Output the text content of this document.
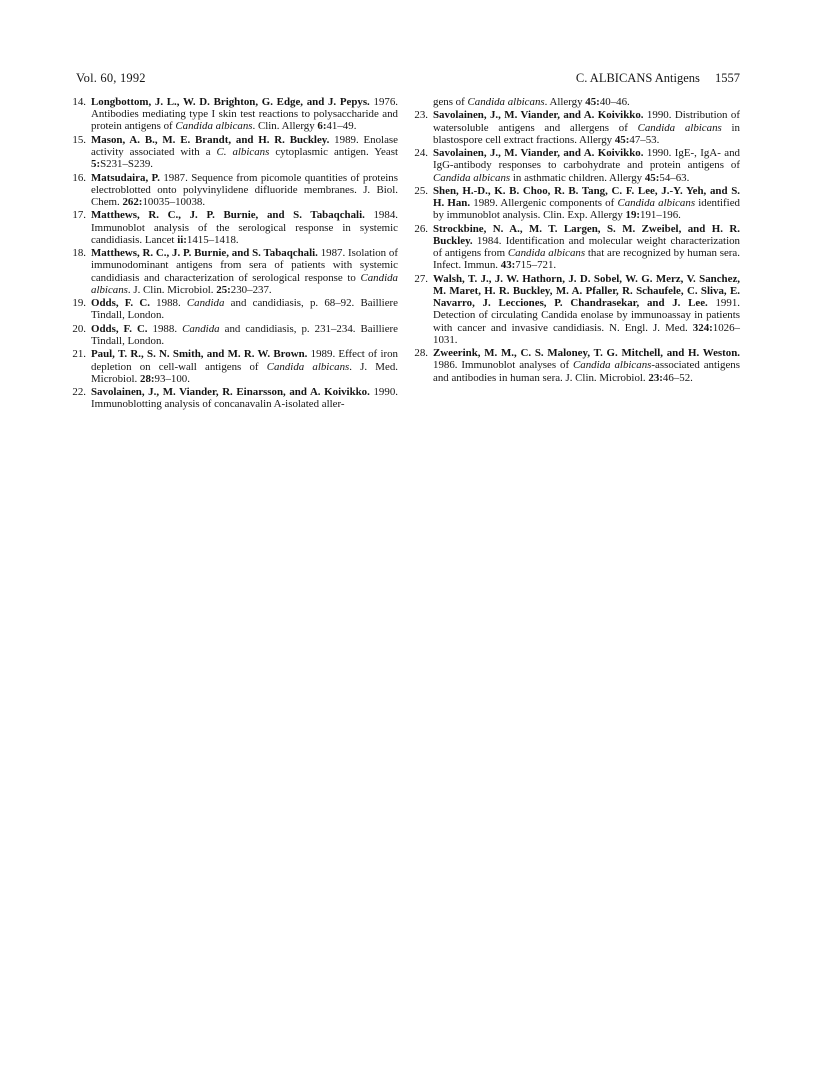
Vol. 60, 1992	C. ALBICANS Antigens 1557
14. Longbottom, J. L., W. D. Brighton, G. Edge, and J. Pepys. 1976. Antibodies mediating type I skin test reactions to polysaccharide and protein antigens of Candida albicans. Clin. Allergy 6:41–49.
15. Mason, A. B., M. E. Brandt, and H. R. Buckley. 1989. Enolase activity associated with a C. albicans cytoplasmic antigen. Yeast 5:S231–S239.
16. Matsudaira, P. 1987. Sequence from picomole quantities of proteins electroblotted onto polyvinylidene difluoride membranes. J. Biol. Chem. 262:10035–10038.
17. Matthews, R. C., J. P. Burnie, and S. Tabaqchali. 1984. Immunoblot analysis of the serological response in systemic candidiasis. Lancet ii:1415–1418.
18. Matthews, R. C., J. P. Burnie, and S. Tabaqchali. 1987. Isolation of immunodominant antigens from sera of patients with systemic candidiasis and characterization of serological response to Candida albicans. J. Clin. Microbiol. 25:230–237.
19. Odds, F. C. 1988. Candida and candidiasis, p. 68–92. Bailliere Tindall, London.
20. Odds, F. C. 1988. Candida and candidiasis, p. 231–234. Bailliere Tindall, London.
21. Paul, T. R., S. N. Smith, and M. R. W. Brown. 1989. Effect of iron depletion on cell-wall antigens of Candida albicans. J. Med. Microbiol. 28:93–100.
22. Savolainen, J., M. Viander, R. Einarsson, and A. Koivikko. 1990. Immunoblotting analysis of concanavalin A-isolated aller-
gens of Candida albicans. Allergy 45:40–46.
23. Savolainen, J., M. Viander, and A. Koivikko. 1990. Distribution of watersoluble antigens and allergens of Candida albicans in blastospore cell extract fractions. Allergy 45:47–53.
24. Savolainen, J., M. Viander, and A. Koivikko. 1990. IgE-, IgA- and IgG-antibody responses to carbohydrate and protein antigens of Candida albicans in asthmatic children. Allergy 45:54–63.
25. Shen, H.-D., K. B. Choo, R. B. Tang, C. F. Lee, J.-Y. Yeh, and S. H. Han. 1989. Allergenic components of Candida albicans identified by immunoblot analysis. Clin. Exp. Allergy 19:191–196.
26. Strockbine, N. A., M. T. Largen, S. M. Zweibel, and H. R. Buckley. 1984. Identification and molecular weight characterization of antigens from Candida albicans that are recognized by human sera. Infect. Immun. 43:715–721.
27. Walsh, T. J., J. W. Hathorn, J. D. Sobel, W. G. Merz, V. Sanchez, M. Maret, H. R. Buckley, M. A. Pfaller, R. Schaufele, C. Sliva, E. Navarro, J. Lecciones, P. Chandrasekar, and J. Lee. 1991. Detection of circulating Candida enolase by immunoassay in patients with cancer and invasive candidiasis. N. Engl. J. Med. 324:1026–1031.
28. Zweerink, M. M., C. S. Maloney, T. G. Mitchell, and H. Weston. 1986. Immunoblot analyses of Candida albicans-associated antigens and antibodies in human sera. J. Clin. Microbiol. 23:46–52.
